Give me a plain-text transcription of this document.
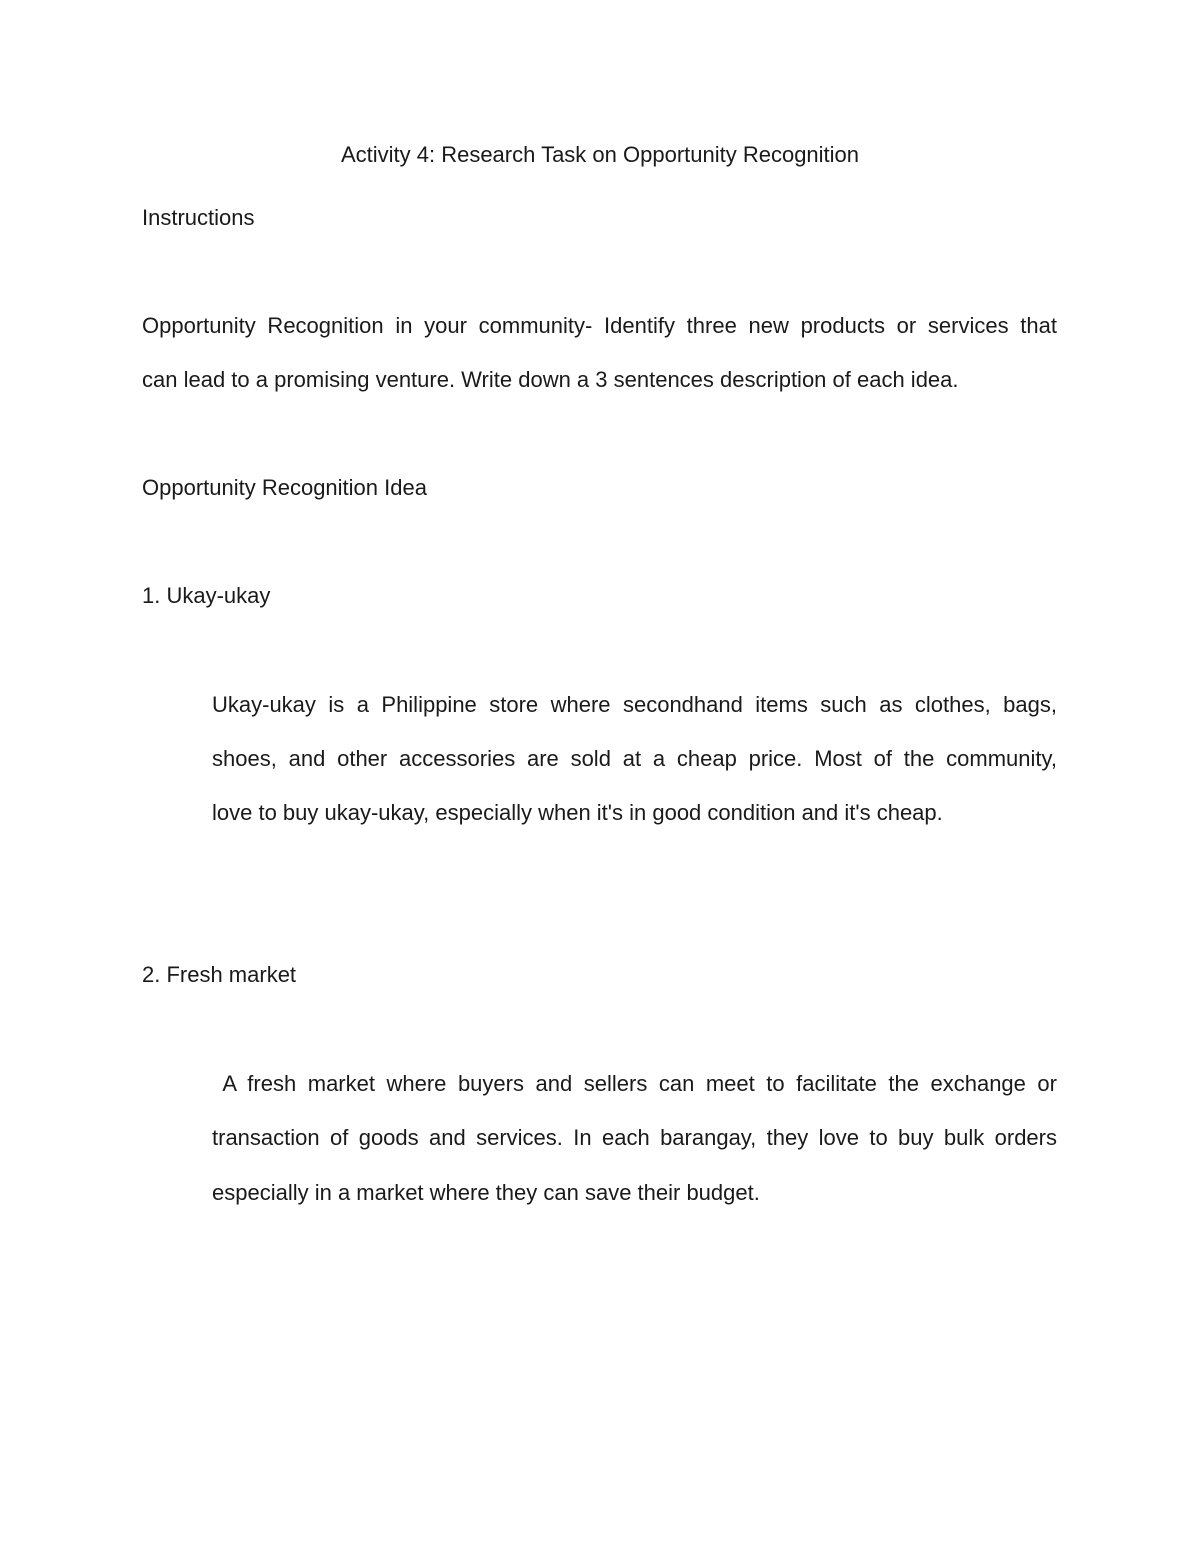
Activity 4: Research Task on Opportunity Recognition

Instructions

Opportunity Recognition in your community- Identify three new products or services that

can lead to a promising venture. Write down a 3 sentences description of each idea.

Opportunity Recognition Idea

1. Ukay-ukay

Ukay-ukay is a Philippine store where secondhand items such as clothes, bags,

shoes, and other accessories are sold at a cheap price. Most of the community,

love to buy ukay-ukay, especially when it's in good condition and it's cheap.

2. Fresh market

A fresh market where buyers and sellers can meet to facilitate the exchange or

transaction of goods and services. In each barangay, they love to buy bulk orders

especially in a market where they can save their budget.
